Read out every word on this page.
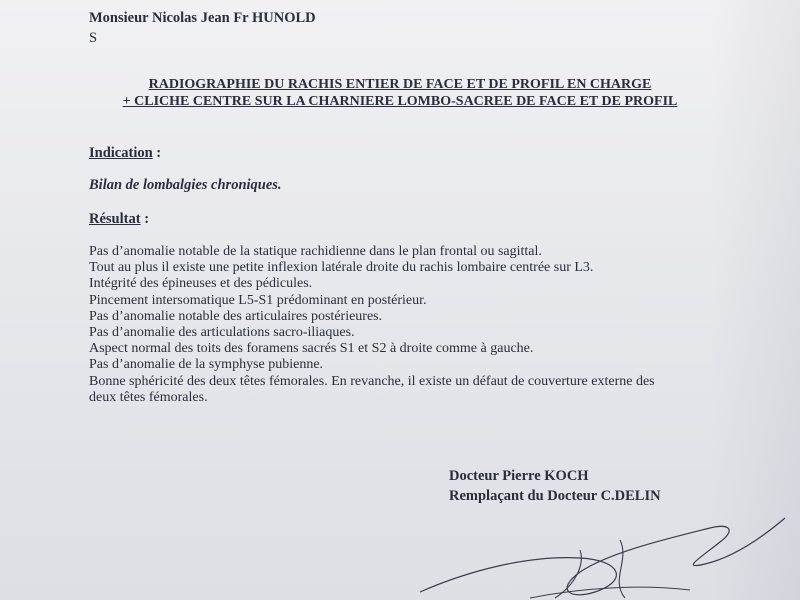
Monsieur Nicolas Jean Fr HUNOLD
S
RADIOGRAPHIE DU RACHIS ENTIER DE FACE ET DE PROFIL EN CHARGE
+ CLICHE CENTRE SUR LA CHARNIERE LOMBO-SACREE DE FACE ET DE PROFIL
Indication :
Bilan de lombalgies chroniques.
Résultat :
Pas d’anomalie notable de la statique rachidienne dans le plan frontal ou sagittal.
Tout au plus il existe une petite inflexion latérale droite du rachis lombaire centrée sur L3.
Intégrité des épineuses et des pédicules.
Pincement intersomatique L5-S1 prédominant en postérieur.
Pas d’anomalie notable des articulaires postérieures.
Pas d’anomalie des articulations sacro-iliaques.
Aspect normal des toits des foramens sacrés S1 et S2 à droite comme à gauche.
Pas d’anomalie de la symphyse pubienne.
Bonne sphéricité des deux têtes fémorales. En revanche, il existe un défaut de couverture externe des
deux têtes fémorales.
Docteur Pierre KOCH
Remplaçant du Docteur C.DELIN
